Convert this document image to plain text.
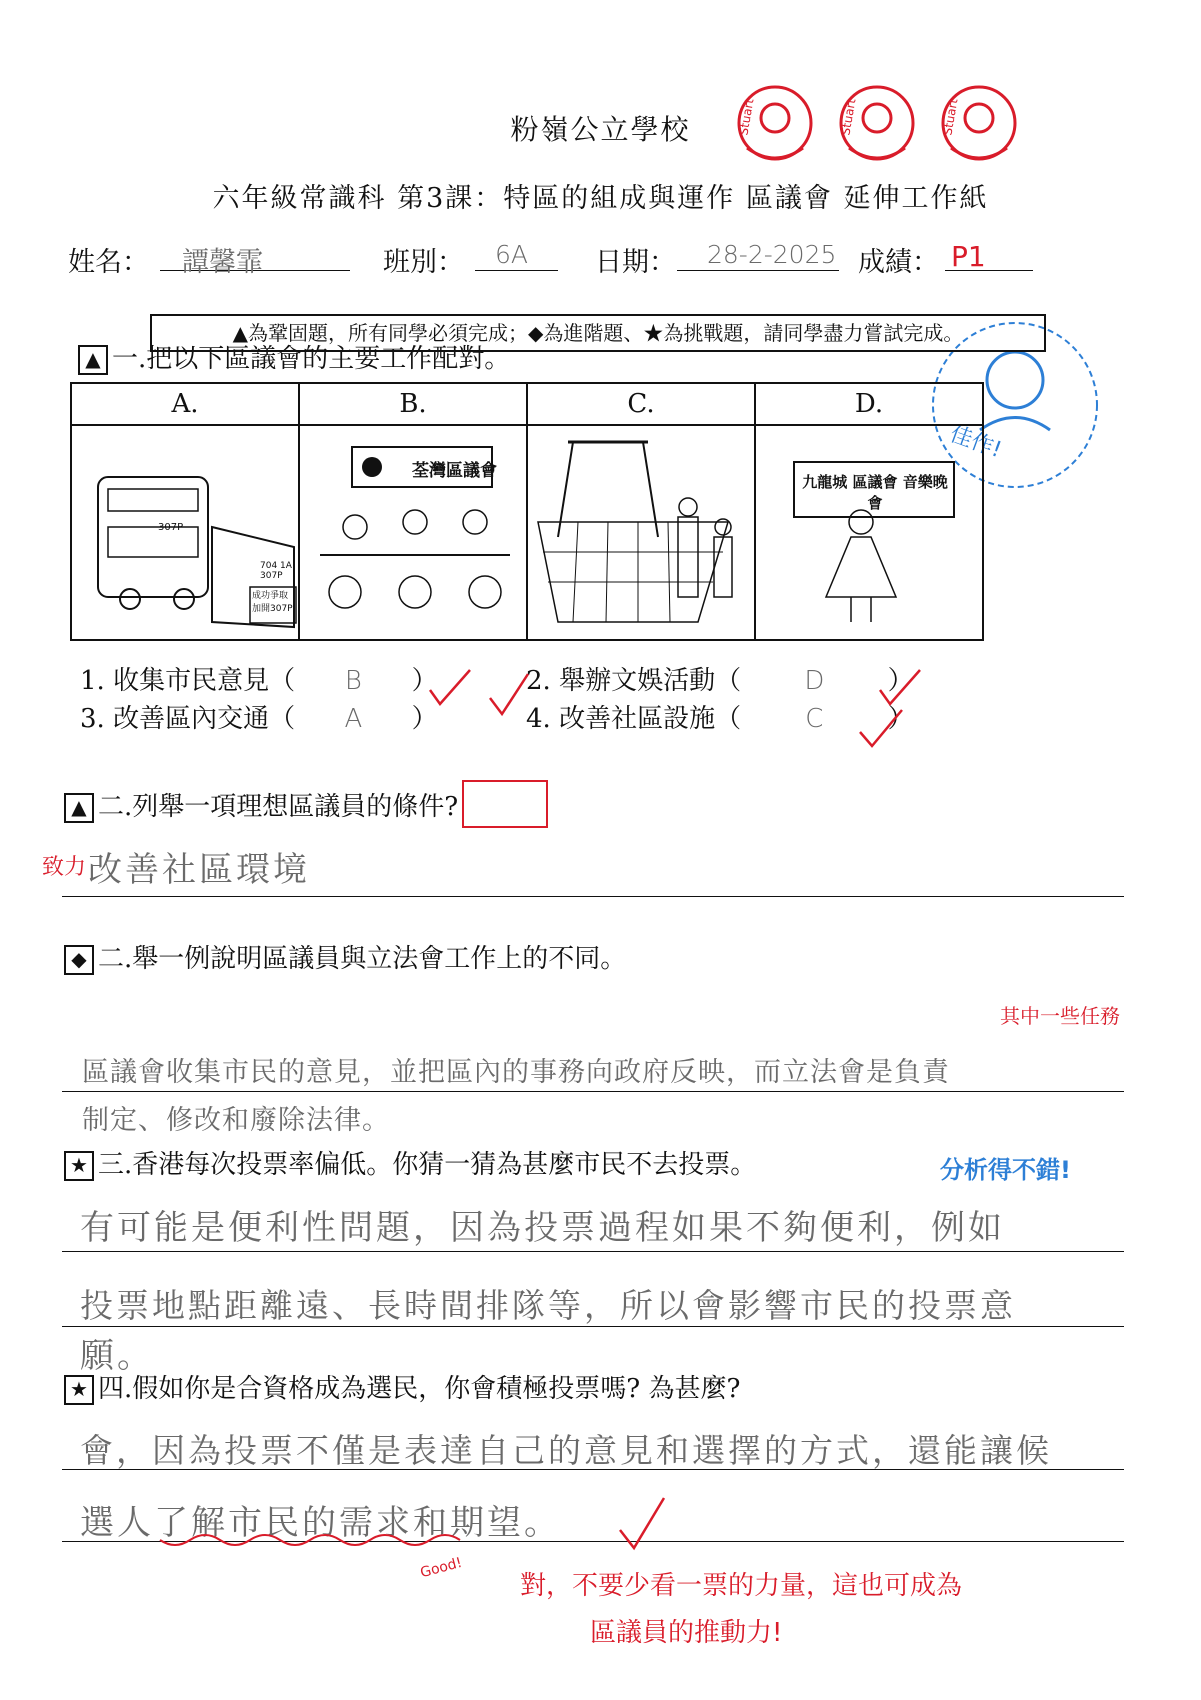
Stuart	Stuart	Stuart
佳作!
粉嶺公立學校
六年級常識科 第3課：特區的組成與運作 區議會 延伸工作紙
姓名：	譚馨霏	班別：	6A	日期：	28-2-2025 成績： P1
▲為鞏固題，所有同學必須完成；◆為進階題、★為挑戰題，請同學盡力嘗試完成。
▲ 一.把以下區議會的主要工作配對。
A.	B.	C.	D.

307P
704 1A 307P
成功爭取 加開307P	荃灣區議會		九龍城 區議會 音樂晚會
1. 收集市民意見（ B ）	2. 舉辦文娛活動（ D ）
3. 改善區內交通（ A ）	4. 改善社區設施（ C ）
▲ 二.列舉一項理想區議員的條件?
致力 改善社區環境
◆ 二.舉一例說明區議員與立法會工作上的不同。
其中一些任務
區議會收集市民的意見，並把區內的事務向政府反映，而立法會是負責
制定、修改和廢除法律。
★ 三.香港每次投票率偏低。你猜一猜為甚麼市民不去投票。	分析得不錯!
有可能是便利性問題，因為投票過程如果不夠便利，例如
投票地點距離遠、長時間排隊等，所以會影響市民的投票意
願。
★ 四.假如你是合資格成為選民，你會積極投票嗎? 為甚麼?
會，因為投票不僅是表達自己的意見和選擇的方式，還能讓候
選人了解市民的需求和期望。
Good!
對，不要少看一票的力量，這也可成為
區議員的推動力!
